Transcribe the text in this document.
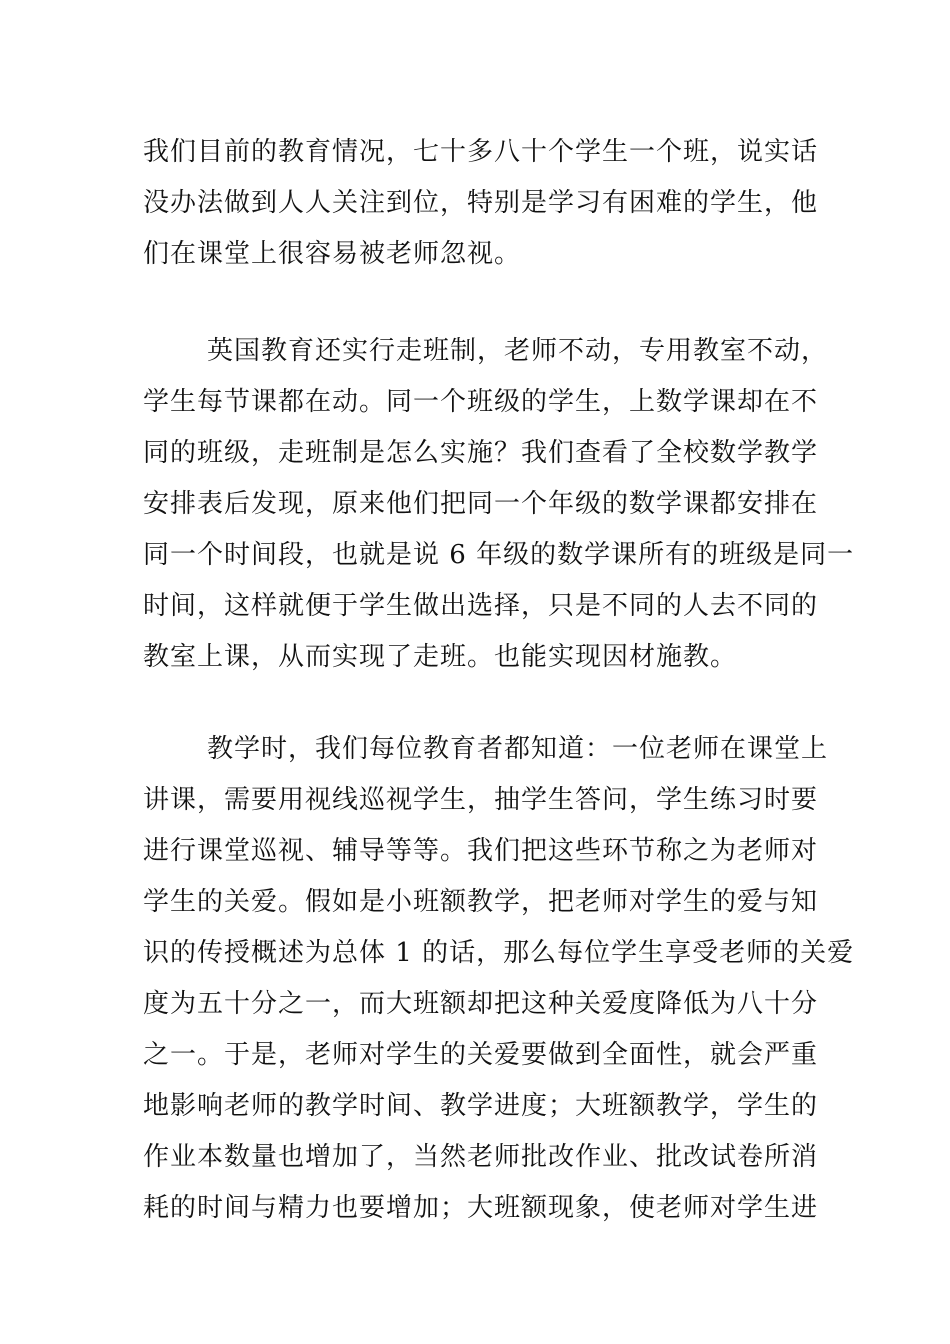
我们目前的教育情况，七十多八十个学生一个班，说实话
没办法做到人人关注到位，特别是学习有困难的学生，他
们在课堂上很容易被老师忽视。
英国教育还实行走班制，老师不动，专用教室不动，
学生每节课都在动。同一个班级的学生，上数学课却在不
同的班级，走班制是怎么实施？我们查看了全校数学教学
安排表后发现，原来他们把同一个年级的数学课都安排在
同一个时间段，也就是说 6 年级的数学课所有的班级是同一
时间，这样就便于学生做出选择，只是不同的人去不同的
教室上课，从而实现了走班。也能实现因材施教。
教学时，我们每位教育者都知道：一位老师在课堂上
讲课，需要用视线巡视学生，抽学生答问，学生练习时要
进行课堂巡视、辅导等等。我们把这些环节称之为老师对
学生的关爱。假如是小班额教学，把老师对学生的爱与知
识的传授概述为总体 1 的话，那么每位学生享受老师的关爱
度为五十分之一，而大班额却把这种关爱度降低为八十分
之一。于是，老师对学生的关爱要做到全面性，就会严重
地影响老师的教学时间、教学进度；大班额教学，学生的
作业本数量也增加了，当然老师批改作业、批改试卷所消
耗的时间与精力也要增加；大班额现象，使老师对学生进
